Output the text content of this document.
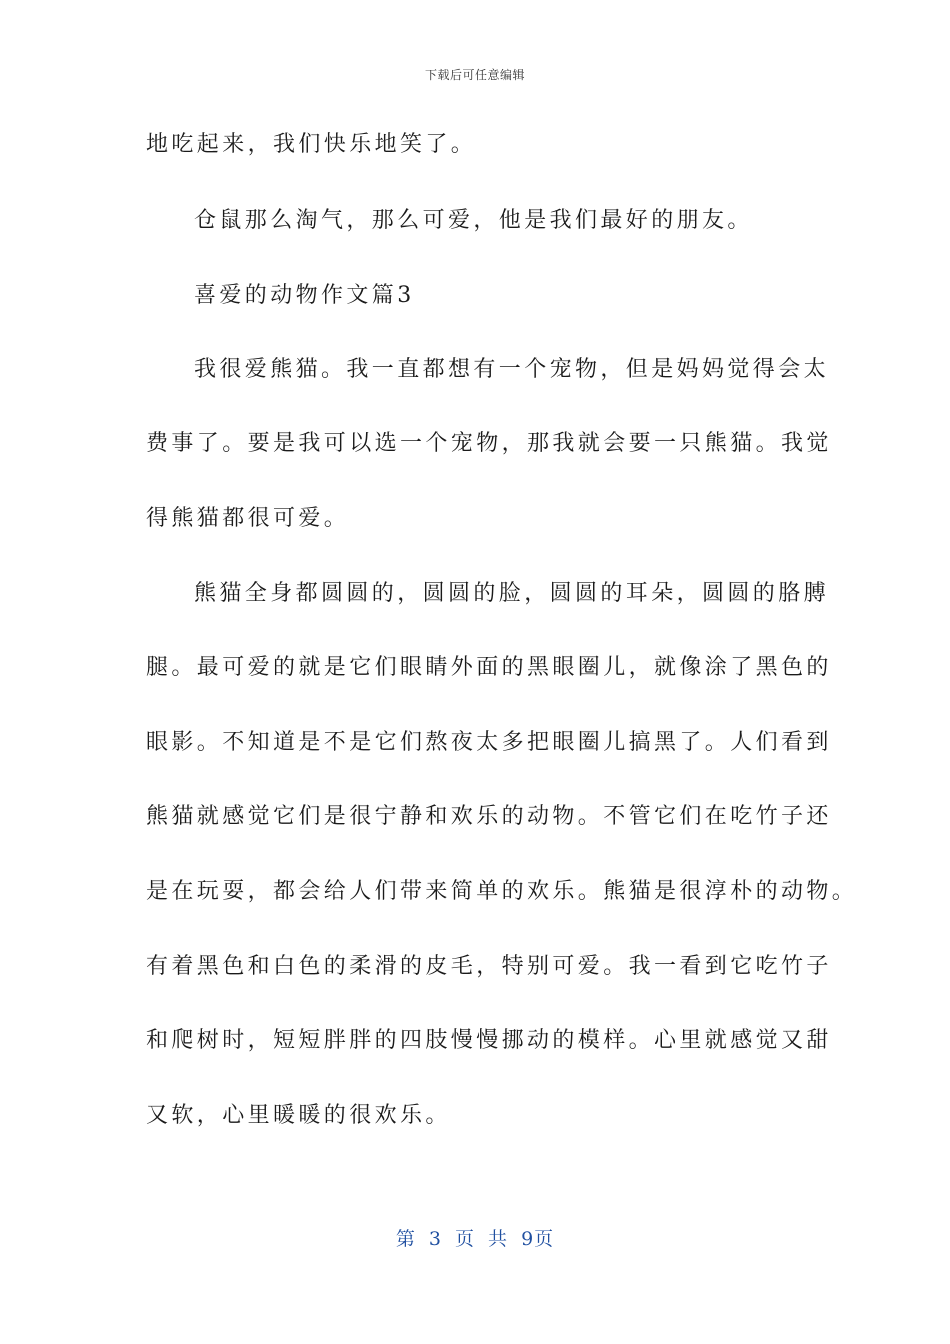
下载后可任意编辑
地吃起来，我们快乐地笑了。
仓鼠那么淘气，那么可爱，他是我们最好的朋友。
喜爱的动物作文篇3
我很爱熊猫。我一直都想有一个宠物，但是妈妈觉得会太
费事了。要是我可以选一个宠物，那我就会要一只熊猫。我觉
得熊猫都很可爱。
熊猫全身都圆圆的，圆圆的脸，圆圆的耳朵，圆圆的胳膊
腿。最可爱的就是它们眼睛外面的黑眼圈儿，就像涂了黑色的
眼影。不知道是不是它们熬夜太多把眼圈儿搞黑了。人们看到
熊猫就感觉它们是很宁静和欢乐的动物。不管它们在吃竹子还
是在玩耍，都会给人们带来简单的欢乐。熊猫是很淳朴的动物。
有着黑色和白色的柔滑的皮毛，特别可爱。我一看到它吃竹子
和爬树时，短短胖胖的四肢慢慢挪动的模样。心里就感觉又甜
又软，心里暖暖的很欢乐。
第 3 页 共 9页
